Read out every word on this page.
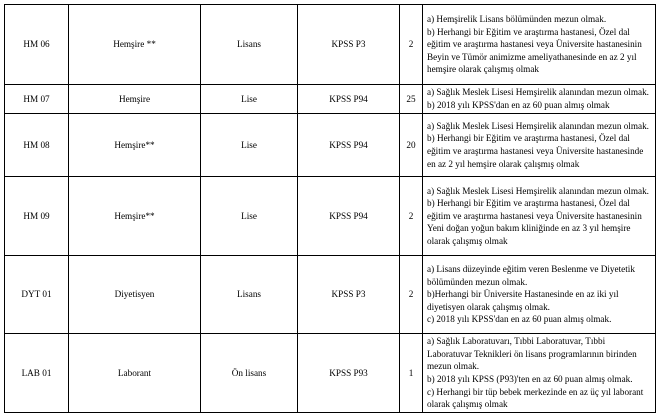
HM 06	Hemşire **	Lisans	KPSS P3	2	a) Hemşirelik Lisans bölümünden mezun olmak.
b) Herhangi bir Eğitim ve araştırma hastanesi, Özel dal eğitim ve araştırma hastanesi veya Üniversite hastanesinin Beyin ve Tümör animizme ameliyathanesinde en az 2 yıl hemşire olarak çalışmış olmak

HM 07	Hemşire	Lise	KPSS P94	25	a) Sağlık Meslek Lisesi Hemşirelik alanından mezun olmak.
b) 2018 yılı KPSS'dan en az 60 puan almış olmak

HM 08	Hemşire**	Lise	KPSS P94	20	a) Sağlık Meslek Lisesi Hemşirelik alanından mezun olmak.
b) Herhangi bir Eğitim ve araştırma hastanesi, Özel dal eğitim ve araştırma hastanesi veya Üniversite hastanesinde en az 2 yıl hemşire olarak çalışmış olmak

HM 09	Hemşire**	Lise	KPSS P94	2	a) Sağlık Meslek Lisesi Hemşirelik alanından mezun olmak.
b) Herhangi bir Eğitim ve araştırma hastanesi, Özel dal eğitim ve araştırma hastanesi veya Üniversite hastanesinin Yeni doğan yoğun bakım kliniğinde en az 3 yıl hemşire olarak çalışmış olmak

DYT 01	Diyetisyen	Lisans	KPSS P3	2	a) Lisans düzeyinde eğitim veren Beslenme ve Diyetetik bölümünden mezun olmak.
b)Herhangi bir Üniversite Hastanesinde en az iki yıl diyetisyen olarak çalışmış olmak.
c) 2018 yılı KPSS'dan en az 60 puan almış olmak.

LAB 01	Laborant	Ön lisans	KPSS P93	1	a) Sağlık Laboratuvarı, Tıbbi Laboratuvar, Tıbbi Laboratuvar Teknikleri ön lisans programlarının birinden mezun olmak.
b) 2018 yılı KPSS (P93)'ten en az 60 puan almış olmak.
c) Herhangi bir tüp bebek merkezinde en az üç yıl laborant olarak çalışmış olmak
